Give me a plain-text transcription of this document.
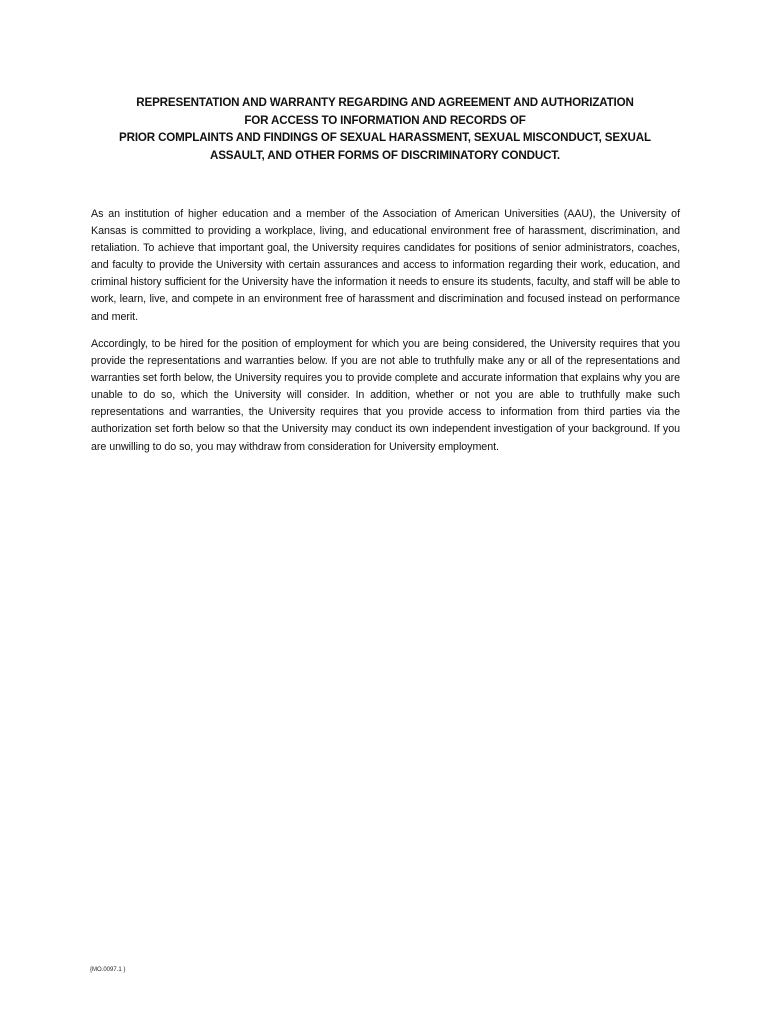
REPRESENTATION AND WARRANTY REGARDING AND AGREEMENT AND AUTHORIZATION
FOR ACCESS TO INFORMATION AND RECORDS OF
PRIOR COMPLAINTS AND FINDINGS OF SEXUAL HARASSMENT, SEXUAL MISCONDUCT, SEXUAL
ASSAULT, AND OTHER FORMS OF DISCRIMINATORY CONDUCT.

As an institution of higher education and a member of the Association of American Universities (AAU), the University of Kansas is committed to providing a workplace, living, and educational environment free of harassment, discrimination, and retaliation. To achieve that important goal, the University requires candidates for positions of senior administrators, coaches, and faculty to provide the University with certain assurances and access to information regarding their work, education, and criminal history sufficient for the University have the information it needs to ensure its students, faculty, and staff will be able to work, learn, live, and compete in an environment free of harassment and discrimination and focused instead on performance and merit.

Accordingly, to be hired for the position of employment for which you are being considered, the University requires that you provide the representations and warranties below. If you are not able to truthfully make any or all of the representations and warranties set forth below, the University requires you to provide complete and accurate information that explains why you are unable to do so, which the University will consider. In addition, whether or not you are able to truthfully make such representations and warranties, the University requires that you provide access to information from third parties via the authorization set forth below so that the University may conduct its own independent investigation of your background. If you are unwilling to do so, you may withdraw from consideration for University employment.

{MO.0097.1 }
